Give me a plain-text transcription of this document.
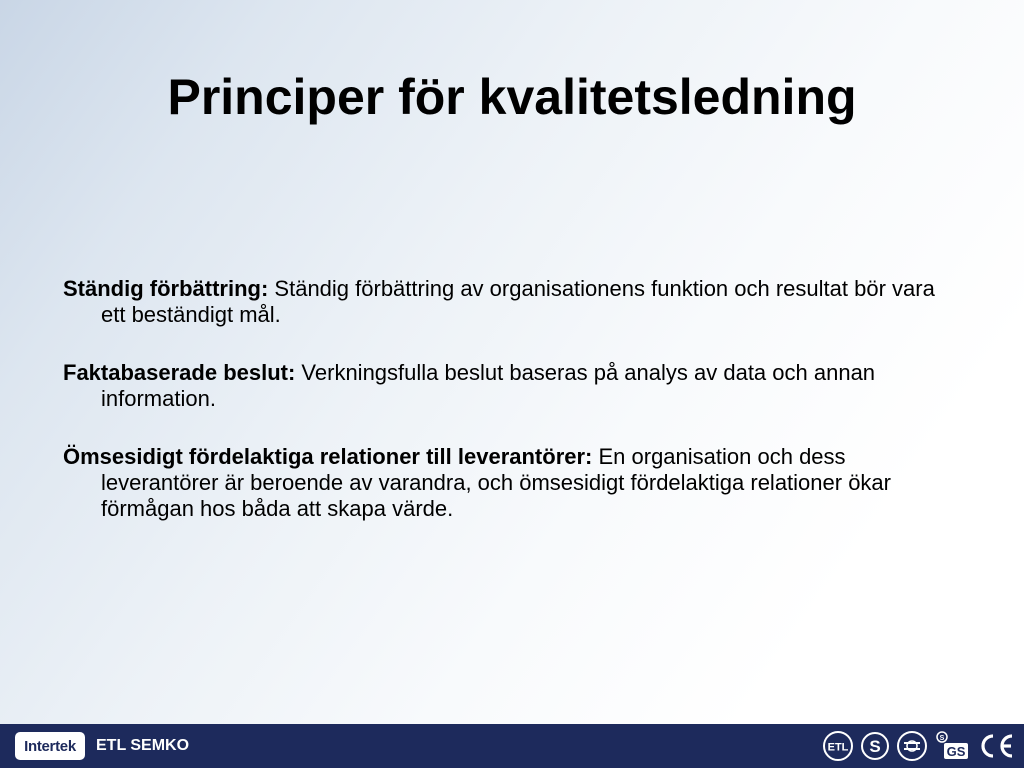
Principer för kvalitetsledning

Ständig förbättring: Ständig förbättring av organisationens funktion och resultat bör vara ett beständigt mål.

Faktabaserade beslut: Verkningsfulla beslut baseras på analys av data och annan information.

Ömsesidigt fördelaktiga relationer till leverantörer: En organisation och dess leverantörer är beroende av varandra, och ömsesidigt fördelaktiga relationer ökar förmågan hos båda att skapa värde.

Intertek	ETL SEMKO	ETL S	S
GS
